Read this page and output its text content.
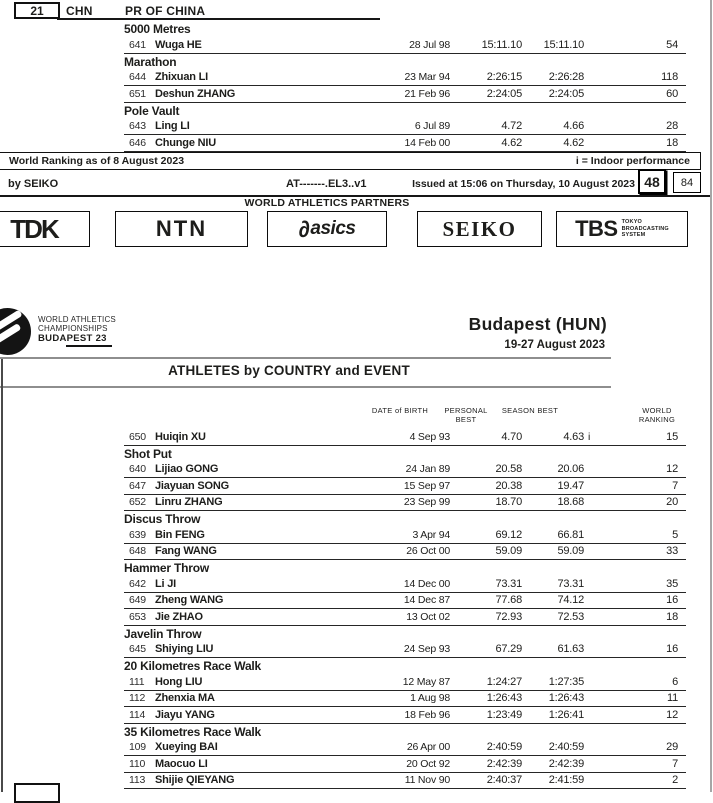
21 CHN	PR OF CHINA
5000 Metres
641 Wuga HE	28 Jul 98	15:11.10	15:11.10	54
Marathon
644 Zhixuan LI	23 Mar 94	2:26:15	2:26:28	118
651 Deshun ZHANG	21 Feb 96	2:24:05	2:24:05	60
Pole Vault
643 Ling LI	6 Jul 89	4.72	4.66	28
646 Chunge NIU	14 Feb 00	4.62	4.62	18
World Ranking as of 8 August 2023	i = Indoor performance
by SEIKO	AT-------.EL3..v1	Issued at 15:06 on Thursday, 10 August 2023 48 84
WORLD ATHLETICS PARTNERS
TDK	NTN	∂ asics	SEIKO	TBS TOKYO
BROADCASTING
SYSTEM
WORLD ATHLETICS
CHAMPIONSHIPS
BUDAPEST 23
Budapest (HUN)
19-27 August 2023
ATHLETES by COUNTRY and EVENT
DATE of BIRTH	PERSONAL
BEST
SEASON BEST	WORLD
RANKING
650 Huiqin XU	4 Sep 93	4.70	4.63 i	15
Shot Put
640 Lijiao GONG	24 Jan 89	20.58	20.06	12
647 Jiayuan SONG	15 Sep 97	20.38	19.47	7
652 Linru ZHANG	23 Sep 99	18.70	18.68	20
Discus Throw
639 Bin FENG	3 Apr 94	69.12	66.81	5
648 Fang WANG	26 Oct 00	59.09	59.09	33
Hammer Throw
642 Li JI	14 Dec 00	73.31	73.31	35
649 Zheng WANG	14 Dec 87	77.68	74.12	16
653 Jie ZHAO	13 Oct 02	72.93	72.53	18
Javelin Throw
645 Shiying LIU	24 Sep 93	67.29	61.63	16
20 Kilometres Race Walk
111 Hong LIU	12 May 87	1:24:27	1:27:35	6
112 Zhenxia MA	1 Aug 98	1:26:43	1:26:43	11
114 Jiayu YANG	18 Feb 96	1:23:49	1:26:41	12
35 Kilometres Race Walk
109 Xueying BAI	26 Apr 00	2:40:59	2:40:59	29
110 Maocuo LI	20 Oct 92	2:42:39	2:42:39	7
113 Shijie QIEYANG	11 Nov 90	2:40:37	2:41:59	2
